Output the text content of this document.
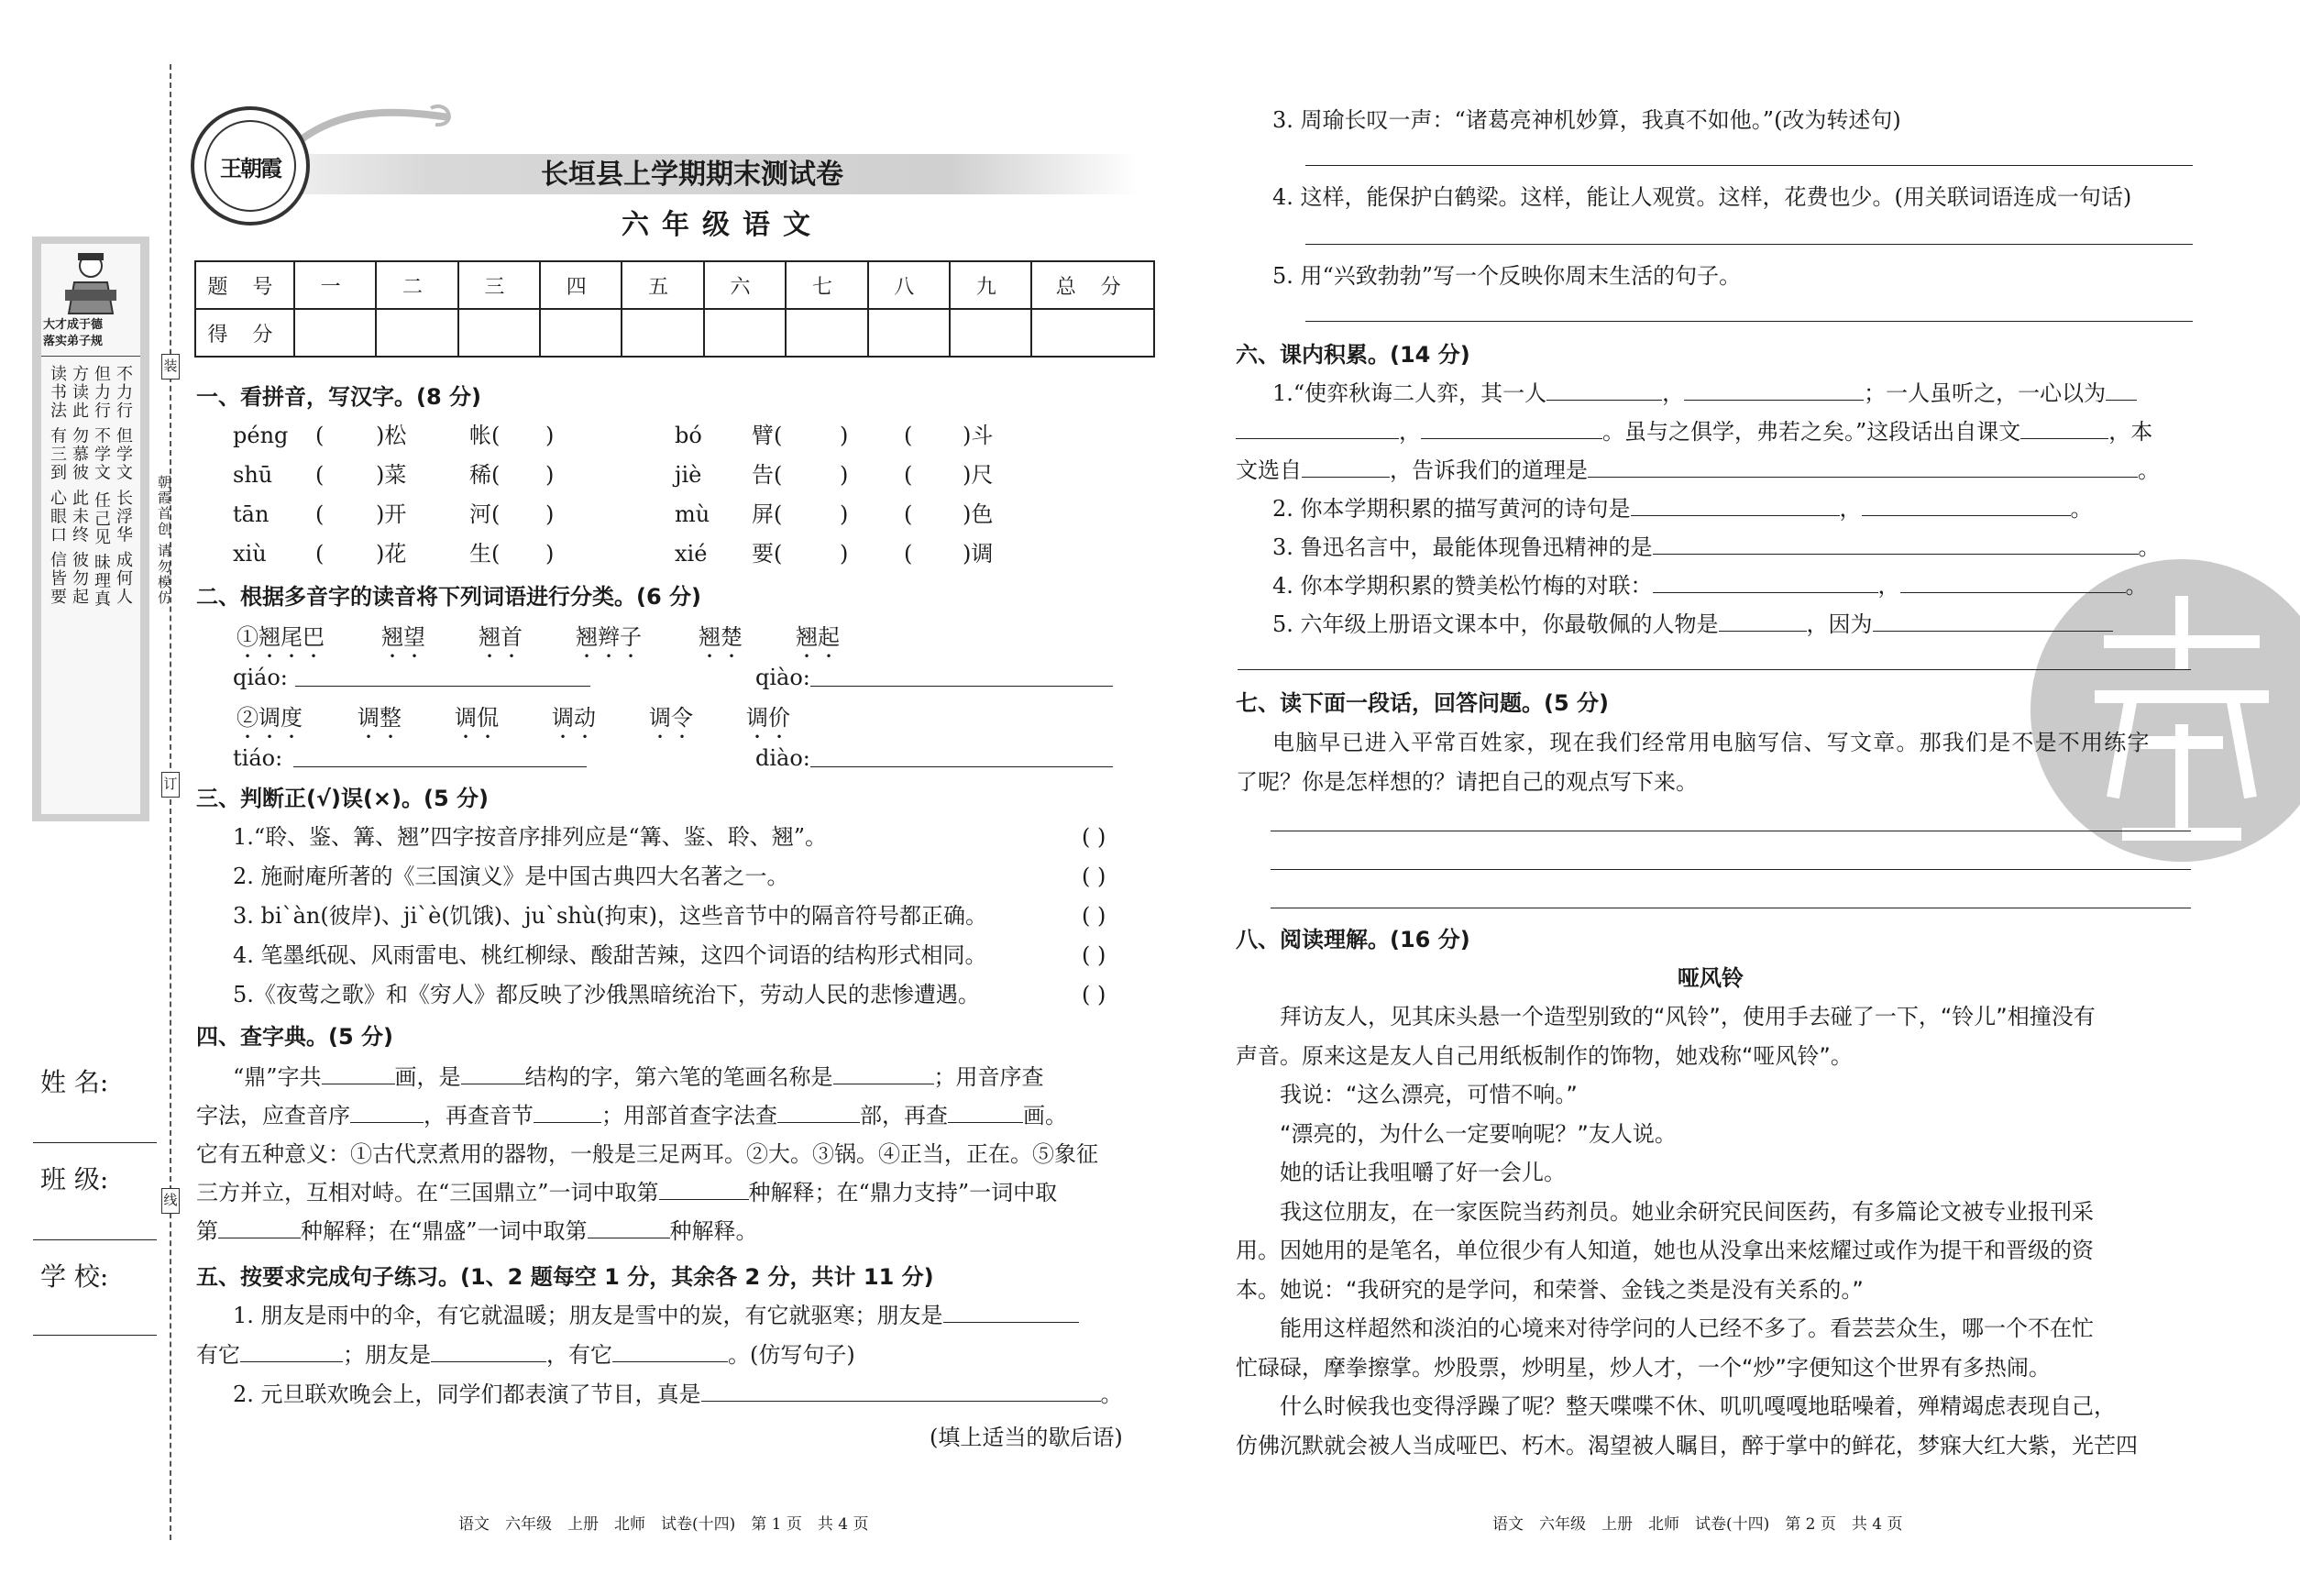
装
订
线
大才成于德
落实弟子规
不力行 但学文 长浮华 成何人
但力行 不学文
任己见 昧理真
方读此 勿慕彼 此未终 彼勿起
读书法 有三到 心眼口 信皆要	朝霞首创 请勿模仿
姓 名:
班 级:
学 校:
王朝霞	长垣县上学期期末测试卷
六年级语文
题 号	一	二	三	四	五	六	七	八	九	总 分
得 分										
一、看拼音，写汉字。(8 分)
péng ( )松	帐( )	bó 臂(	)	( )斗
shū ( )菜	稀( )	jiè 告(	)	( )尺
tān ( )开	河( )	mù 屏(	)	( )色
xiù ( )花	生( )	xié 要(	)	( )调
二、根据多音字的读音将下列词语进行分类。(6 分)
①翘尾巴	翘望 翘首 翘辫子	翘楚 翘起
qiáo:	qiào:
②调度	调整 调侃 调动 调令 调价
tiáo:	diào:
三、判断正(√)误(×)。(5 分)
1.“聆、鉴、篝、翘”四字按音序排列应是“篝、鉴、聆、翘”。	( )
2. 施耐庵所著的《三国演义》是中国古典四大名著之一。	( )
3. bi`àn(彼岸)、ji`è(饥饿)、ju`shù(拘束)，这些音节中的隔音符号都正确。	( )
4. 笔墨纸砚、风雨雷电、桃红柳绿、酸甜苦辣，这四个词语的结构形式相同。	( )
5.《夜莺之歌》和《穷人》都反映了沙俄黑暗统治下，劳动人民的悲惨遭遇。	( )
四、查字典。(5 分)
“鼎”字共	画，是	结构的字，第六笔的笔画名称是	；用音序查
字法，应查音序	，再查音节	；用部首查字法查	部，再查	画。
它有五种意义：①古代烹煮用的器物，一般是三足两耳。②大。③锅。④正当，正在。⑤象征
三方并立，互相对峙。在“三国鼎立”一词中取第	种解释；在“鼎力支持”一词中取
第	种解释；在“鼎盛”一词中取第	种解释。
五、按要求完成句子练习。(1、2 题每空 1 分，其余各 2 分，共计 11 分)
1. 朋友是雨中的伞，有它就温暖；朋友是雪中的炭，有它就驱寒；朋友是
有它	；朋友是	，有它	。(仿写句子)
2. 元旦联欢晚会上，同学们都表演了节目，真是	。
(填上适当的歇后语)
3. 周瑜长叹一声：“诸葛亮神机妙算，我真不如他。”(改为转述句)
4. 这样，能保护白鹤梁。这样，能让人观赏。这样，花费也少。(用关联词语连成一句话)
5. 用“兴致勃勃”写一个反映你周末生活的句子。
六、课内积累。(14 分)
1.“使弈秋诲二人弈，其一人	，	；一人虽听之，一心以为
，	。虽与之俱学，弗若之矣。”这段话出自课文	，本
文选自	，告诉我们的道理是	。
2. 你本学期积累的描写黄河的诗句是	，	。
3. 鲁迅名言中，最能体现鲁迅精神的是	。
4. 你本学期积累的赞美松竹梅的对联：	，	。
5. 六年级上册语文课本中，你最敬佩的人物是	，因为
七、读下面一段话，回答问题。(5 分)
电脑早已进入平常百姓家，现在我们经常用电脑写信、写文章。那我们是不是不用练字
了呢？你是怎样想的？请把自己的观点写下来。
八、阅读理解。(16 分)
哑风铃
拜访友人，见其床头悬一个造型别致的“风铃”，使用手去碰了一下，“铃儿”相撞没有
声音。原来这是友人自己用纸板制作的饰物，她戏称“哑风铃”。
我说：“这么漂亮，可惜不响。”
“漂亮的，为什么一定要响呢？”友人说。
她的话让我咀嚼了好一会儿。
我这位朋友，在一家医院当药剂员。她业余研究民间医药，有多篇论文被专业报刊采
用。因她用的是笔名，单位很少有人知道，她也从没拿出来炫耀过或作为提干和晋级的资
本。她说：“我研究的是学问，和荣誉、金钱之类是没有关系的。”
能用这样超然和淡泊的心境来对待学问的人已经不多了。看芸芸众生，哪一个不在忙
忙碌碌，摩拳擦掌。炒股票，炒明星，炒人才，一个“炒”字便知这个世界有多热闹。
什么时候我也变得浮躁了呢？整天喋喋不休、叽叽嘎嘎地聒噪着，殚精竭虑表现自己，
仿佛沉默就会被人当成哑巴、朽木。渴望被人瞩目，醉于掌中的鲜花，梦寐大红大紫，光芒四
语文　六年级　上册　北师　试卷(十四)　第 1 页　共 4 页	语文　六年级　上册　北师　试卷(十四)　第 2 页　共 4 页
